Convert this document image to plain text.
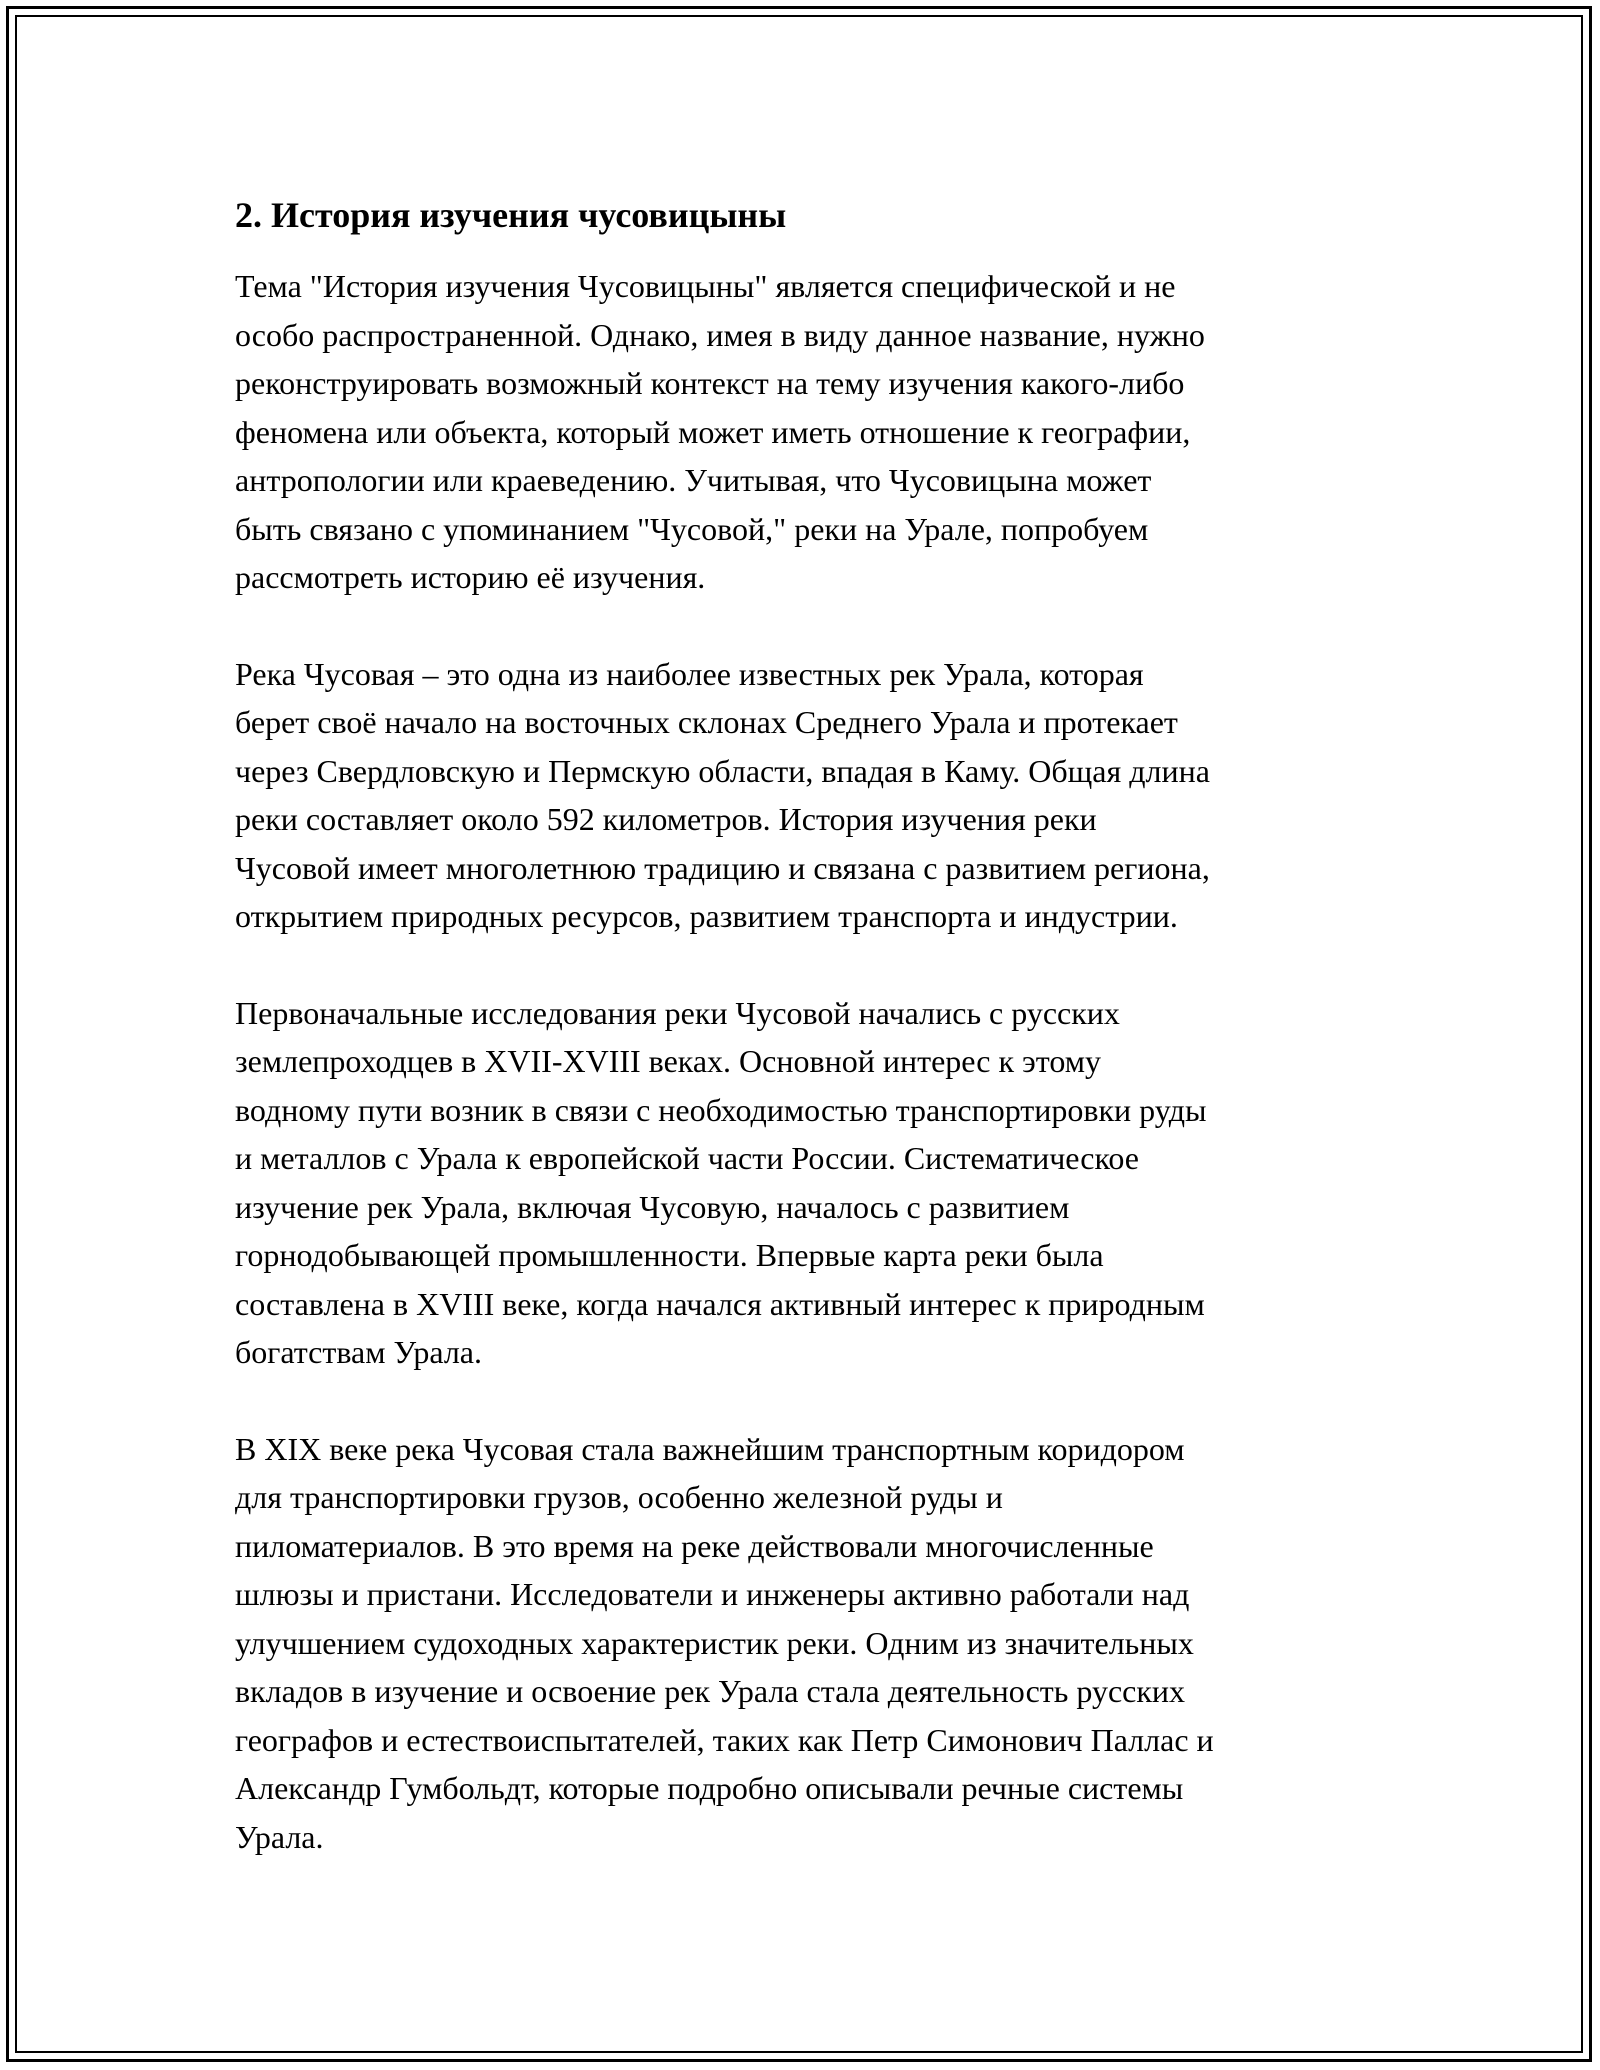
2. История изучения чусовицыны

Тема "История изучения Чусовицыны" является специфической и не
особо распространенной. Однако, имея в виду данное название, нужно
реконструировать возможный контекст на тему изучения какого-либо
феномена или объекта, который может иметь отношение к географии,
антропологии или краеведению. Учитывая, что Чусовицына может
быть связано с упоминанием "Чусовой," реки на Урале, попробуем
рассмотреть историю её изучения.

Река Чусовая – это одна из наиболее известных рек Урала, которая
берет своё начало на восточных склонах Среднего Урала и протекает
через Свердловскую и Пермскую области, впадая в Каму. Общая длина
реки составляет около 592 километров. История изучения реки
Чусовой имеет многолетнюю традицию и связана с развитием региона,
открытием природных ресурсов, развитием транспорта и индустрии.

Первоначальные исследования реки Чусовой начались с русских
землепроходцев в XVII-XVIII веках. Основной интерес к этому
водному пути возник в связи с необходимостью транспортировки руды
и металлов с Урала к европейской части России. Систематическое
изучение рек Урала, включая Чусовую, началось с развитием
горнодобывающей промышленности. Впервые карта реки была
составлена в XVIII веке, когда начался активный интерес к природным
богатствам Урала.

В XIX веке река Чусовая стала важнейшим транспортным коридором
для транспортировки грузов, особенно железной руды и
пиломатериалов. В это время на реке действовали многочисленные
шлюзы и пристани. Исследователи и инженеры активно работали над
улучшением судоходных характеристик реки. Одним из значительных
вкладов в изучение и освоение рек Урала стала деятельность русских
географов и естествоиспытателей, таких как Петр Симонович Паллас и
Александр Гумбольдт, которые подробно описывали речные системы
Урала.
